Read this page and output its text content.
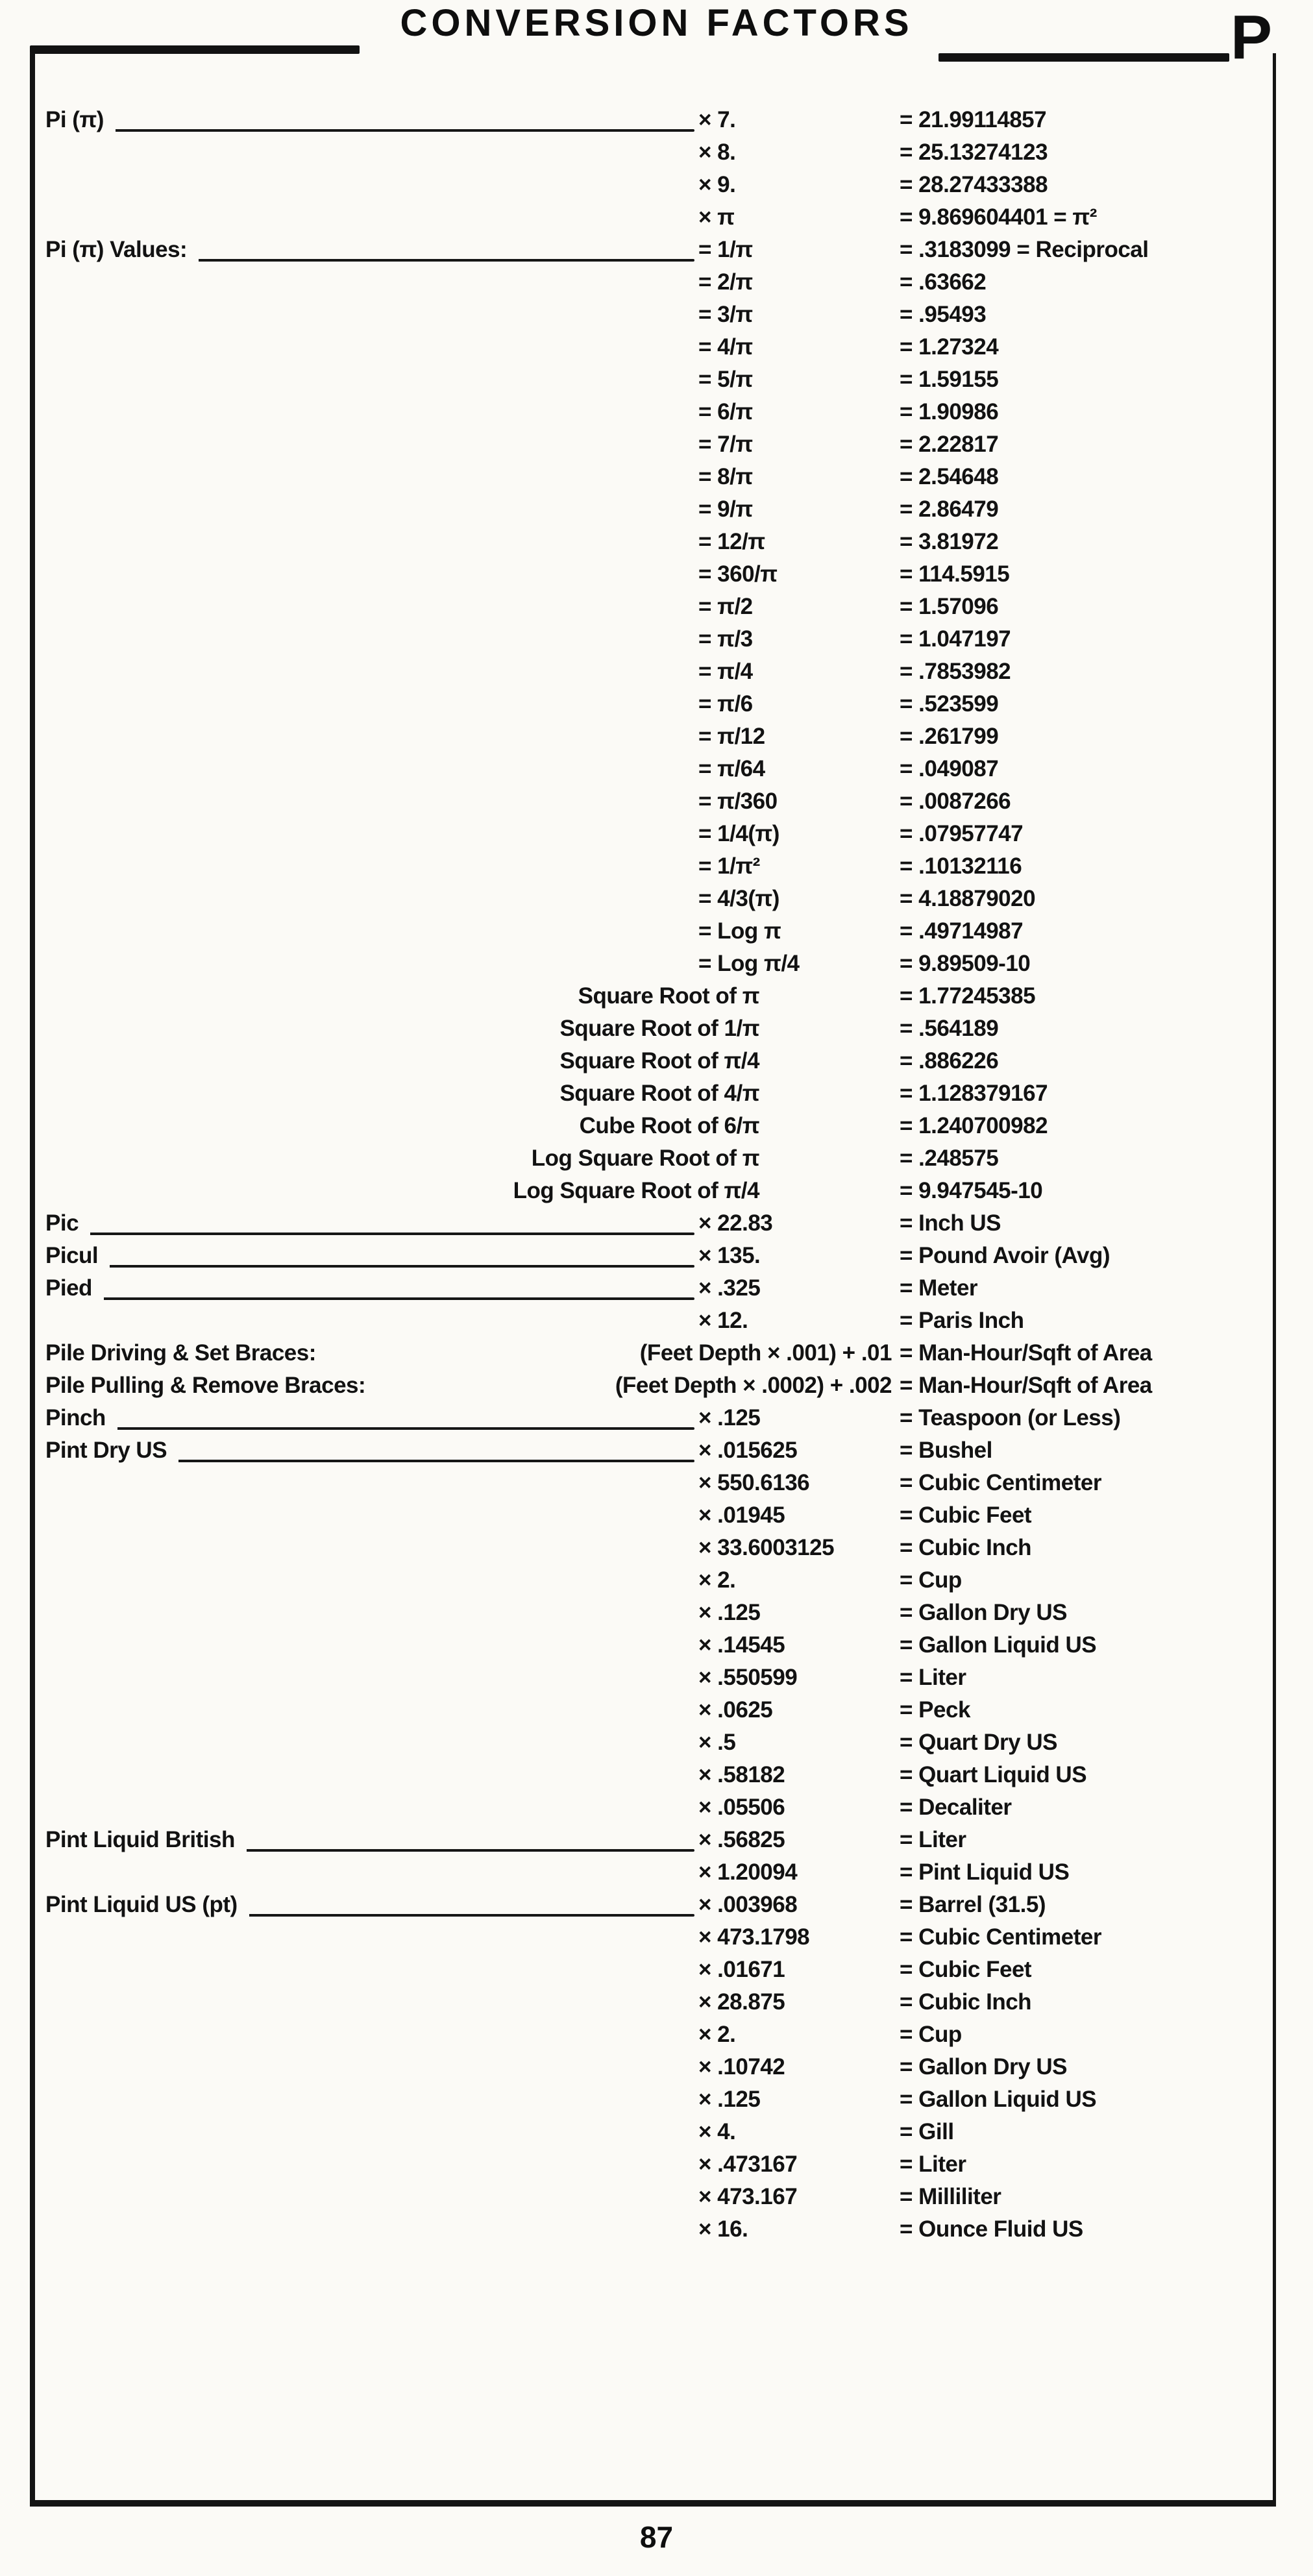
CONVERSION FACTORS	P
Pi (π)	× 7.	= 21.99114857
× 8.	= 25.13274123
× 9.	= 28.27433388
× π	= 9.869604401 = π²
Pi (π) Values:	= 1/π	= .3183099 = Reciprocal
= 2/π	= .63662
= 3/π	= .95493
= 4/π	= 1.27324
= 5/π	= 1.59155
= 6/π	= 1.90986
= 7/π	= 2.22817
= 8/π	= 2.54648
= 9/π	= 2.86479
= 12/π	= 3.81972
= 360/π	= 114.5915
= π/2	= 1.57096
= π/3	= 1.047197
= π/4	= .7853982
= π/6	= .523599
= π/12	= .261799
= π/64	= .049087
= π/360	= .0087266
= 1/4(π)	= .07957747
= 1/π²	= .10132116
= 4/3(π)	= 4.18879020
= Log π	= .49714987
= Log π/4	= 9.89509-10
Square Root of π	= 1.77245385
Square Root of 1/π	= .564189
Square Root of π/4	= .886226
Square Root of 4/π	= 1.128379167
Cube Root of 6/π	= 1.240700982
Log Square Root of π	= .248575
Log Square Root of π/4	= 9.947545-10
Pic	× 22.83	= Inch US
Picul	× 135.	= Pound Avoir (Avg)
Pied	× .325	= Meter
× 12.	= Paris Inch
Pile Driving & Set Braces:	(Feet Depth × .001) + .01 = Man-Hour/Sqft of Area
Pile Pulling & Remove Braces:	(Feet Depth × .0002) + .002 = Man-Hour/Sqft of Area
Pinch	× .125	= Teaspoon (or Less)
Pint Dry US	× .015625	= Bushel
× 550.6136	= Cubic Centimeter
× .01945	= Cubic Feet
× 33.6003125	= Cubic Inch
× 2.	= Cup
× .125	= Gallon Dry US
× .14545	= Gallon Liquid US
× .550599	= Liter
× .0625	= Peck
× .5	= Quart Dry US
× .58182	= Quart Liquid US
× .05506	= Decaliter
Pint Liquid British	× .56825	= Liter
× 1.20094	= Pint Liquid US
Pint Liquid US (pt)	× .003968	= Barrel (31.5)
× 473.1798	= Cubic Centimeter
× .01671	= Cubic Feet
× 28.875	= Cubic Inch
× 2.	= Cup
× .10742	= Gallon Dry US
× .125	= Gallon Liquid US
× 4.	= Gill
× .473167	= Liter
× 473.167	= Milliliter
× 16.	= Ounce Fluid US
87
